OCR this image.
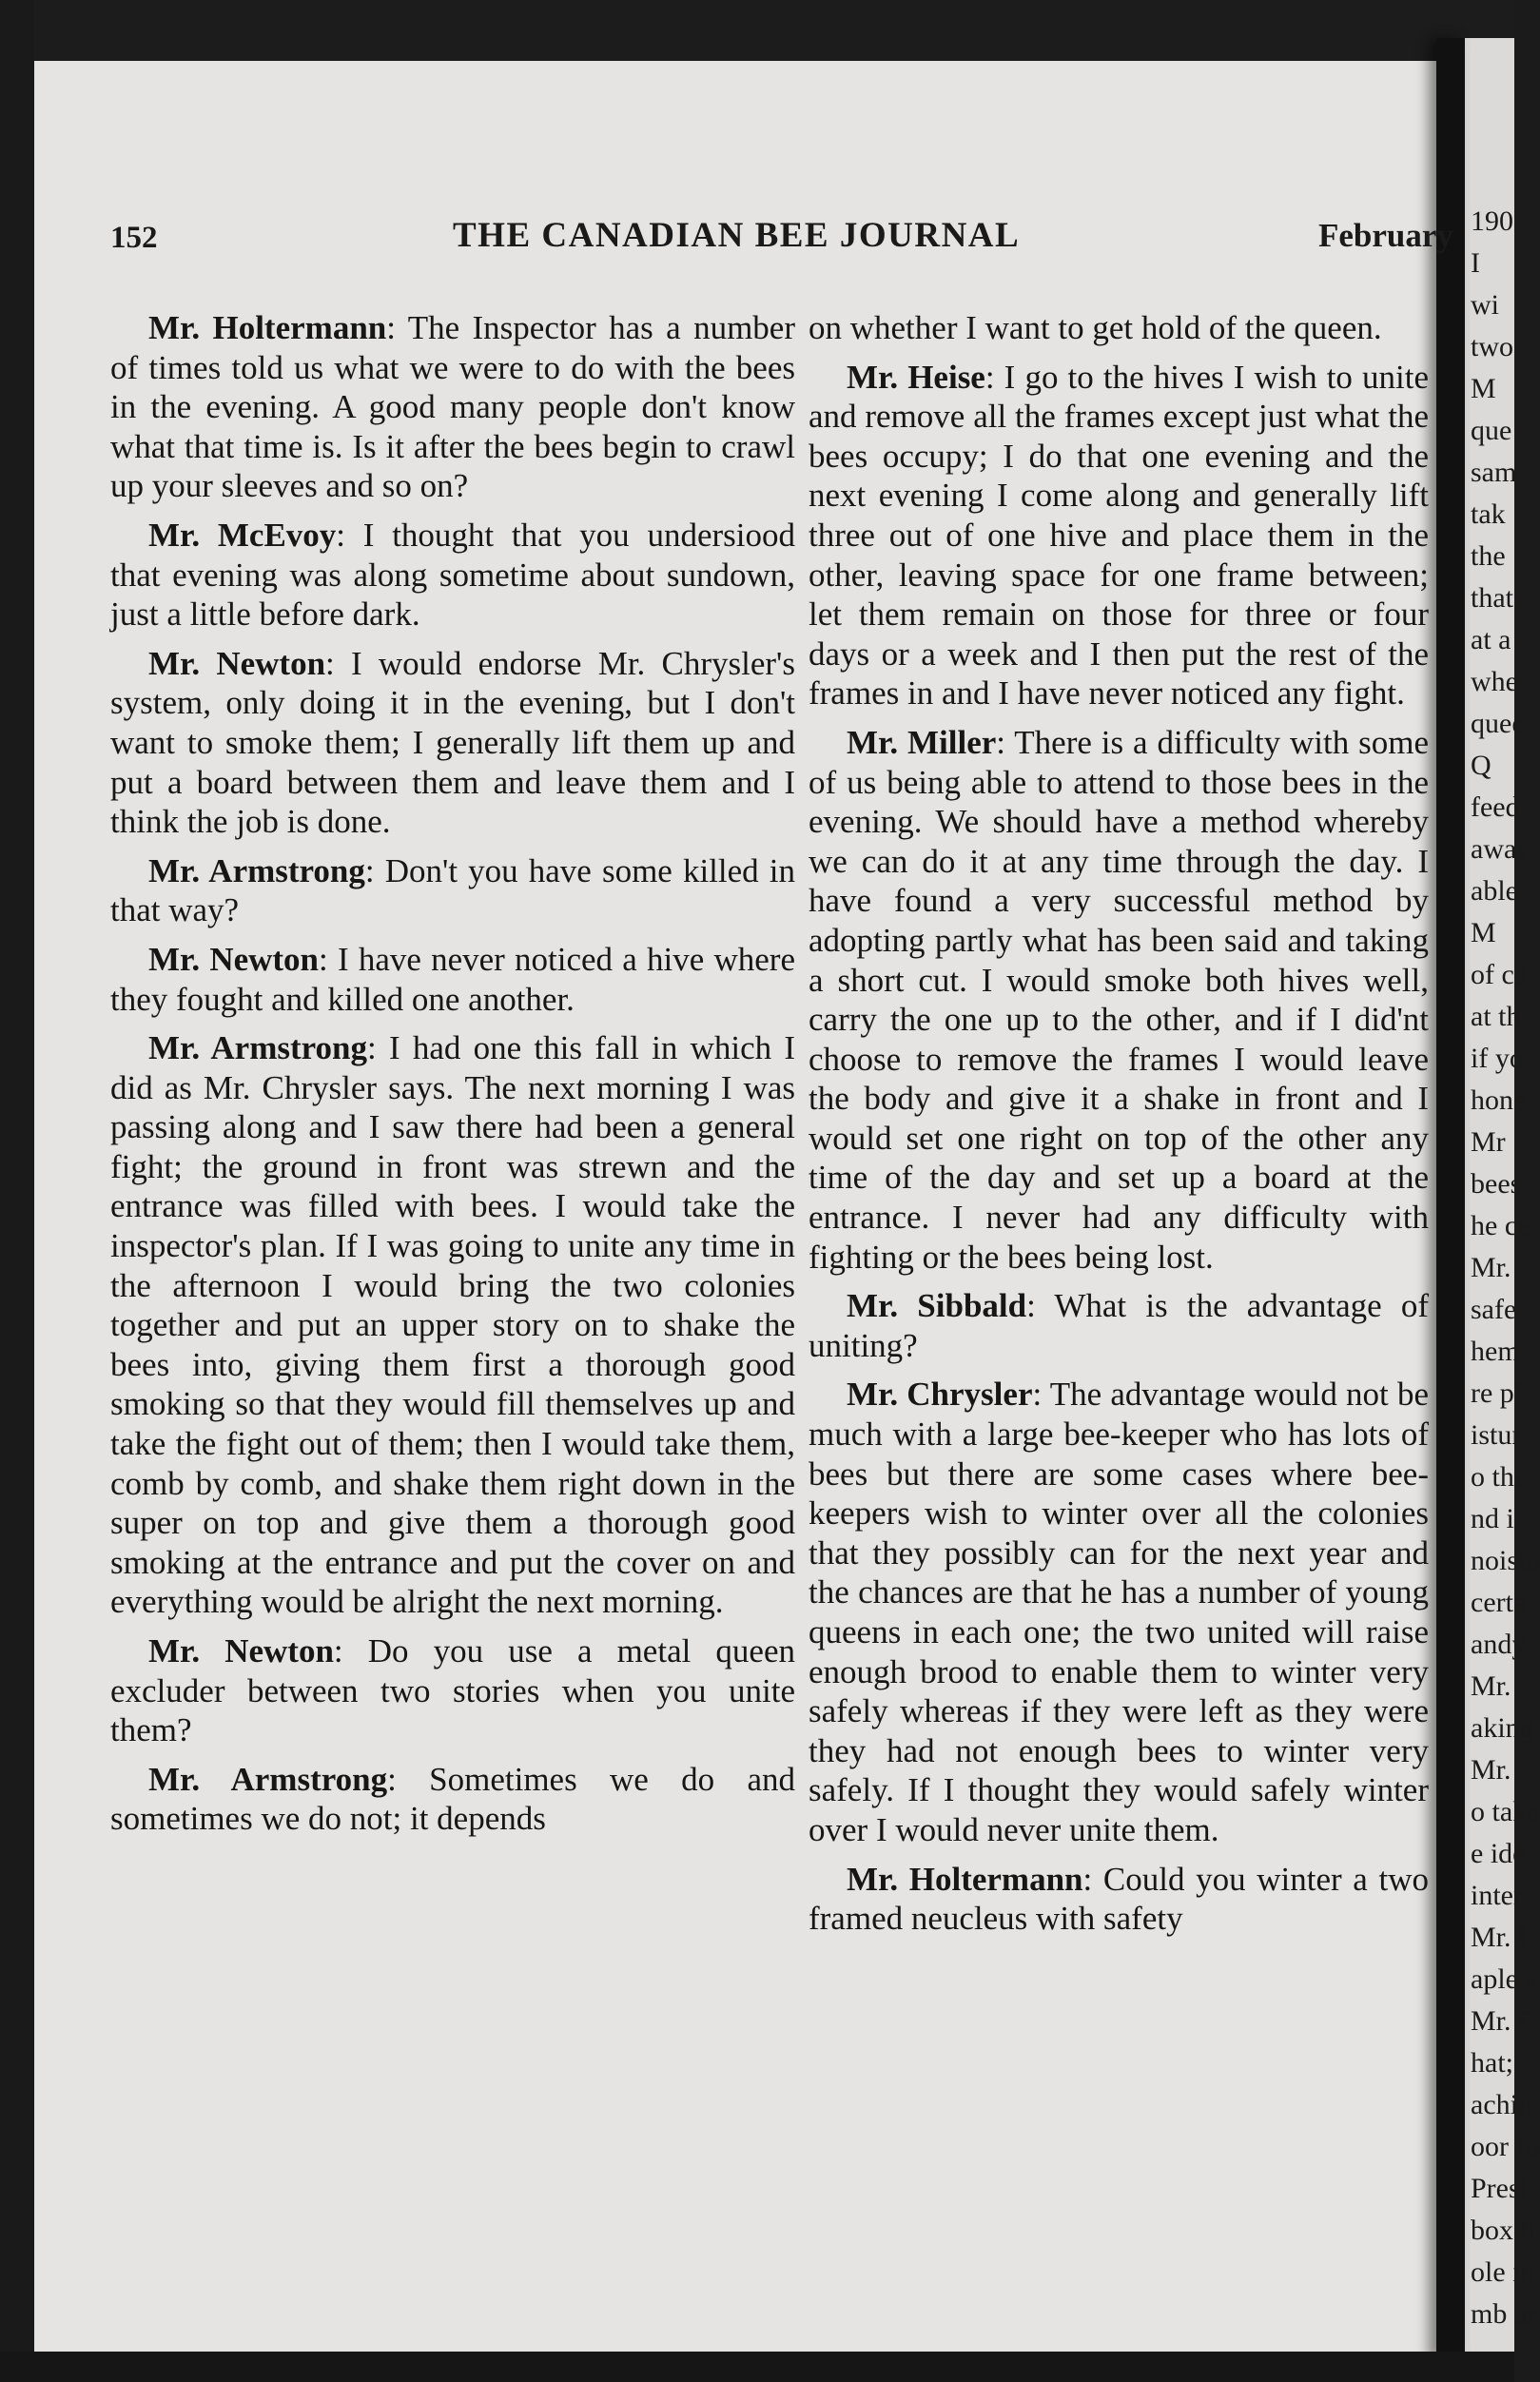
190
I
wi
two
M
que
sam
tak
the
that
at a
whe
quee
Q
feed
away
able
M
of ca
at th
if yo
hone
Mr
bees
he ce
Mr.
safe
hem
re pl
istur
o the
nd i
noistu
certa
andy.
Mr.
aking
Mr.
o take
e ide
inter.
Mr. I
aple s
Mr. C
hat;
achin
oor fo
Presi
box h
ole in
mb ar
152	THE CANADIAN BEE JOURNAL	February

Mr. Holtermann: The Inspector has a number of times told us what we were to do with the bees in the evening. A good many people don't know what that time is. Is it after the bees begin to crawl up your sleeves and so on?

Mr. McEvoy: I thought that you undersiood that evening was along sometime about sundown, just a little before dark.

Mr. Newton: I would endorse Mr. Chrysler's system, only doing it in the evening, but I don't want to smoke them; I generally lift them up and put a board between them and leave them and I think the job is done.

Mr. Armstrong: Don't you have some killed in that way?

Mr. Newton: I have never noticed a hive where they fought and killed one another.

Mr. Armstrong: I had one this fall in which I did as Mr. Chrysler says. The next morning I was passing along and I saw there had been a general fight; the ground in front was strewn and the entrance was filled with bees. I would take the inspector's plan. If I was going to unite any time in the afternoon I would bring the two colonies together and put an upper story on to shake the bees into, giving them first a thorough good smoking so that they would fill themselves up and take the fight out of them; then I would take them, comb by comb, and shake them right down in the super on top and give them a thorough good smoking at the entrance and put the cover on and everything would be alright the next morning.

Mr. Newton: Do you use a metal queen excluder between two stories when you unite them?

Mr. Armstrong: Sometimes we do and sometimes we do not; it depends

on whether I want to get hold of the queen.

Mr. Heise: I go to the hives I wish to unite and remove all the frames except just what the bees occupy; I do that one evening and the next evening I come along and generally lift three out of one hive and place them in the other, leaving space for one frame between; let them remain on those for three or four days or a week and I then put the rest of the frames in and I have never noticed any fight.

Mr. Miller: There is a difficulty with some of us being able to attend to those bees in the evening. We should have a method whereby we can do it at any time through the day. I have found a very successful method by adopting partly what has been said and taking a short cut. I would smoke both hives well, carry the one up to the other, and if I did'nt choose to remove the frames I would leave the body and give it a shake in front and I would set one right on top of the other any time of the day and set up a board at the entrance. I never had any difficulty with fighting or the bees being lost.

Mr. Sibbald: What is the advantage of uniting?

Mr. Chrysler: The advantage would not be much with a large bee-keeper who has lots of bees but there are some cases where bee-keepers wish to winter over all the colonies that they possibly can for the next year and the chances are that he has a number of young queens in each one; the two united will raise enough brood to enable them to winter very safely whereas if they were left as they were they had not enough bees to winter very safely. If I thought they would safely winter over I would never unite them.

Mr. Holtermann: Could you winter a two framed neucleus with safety
